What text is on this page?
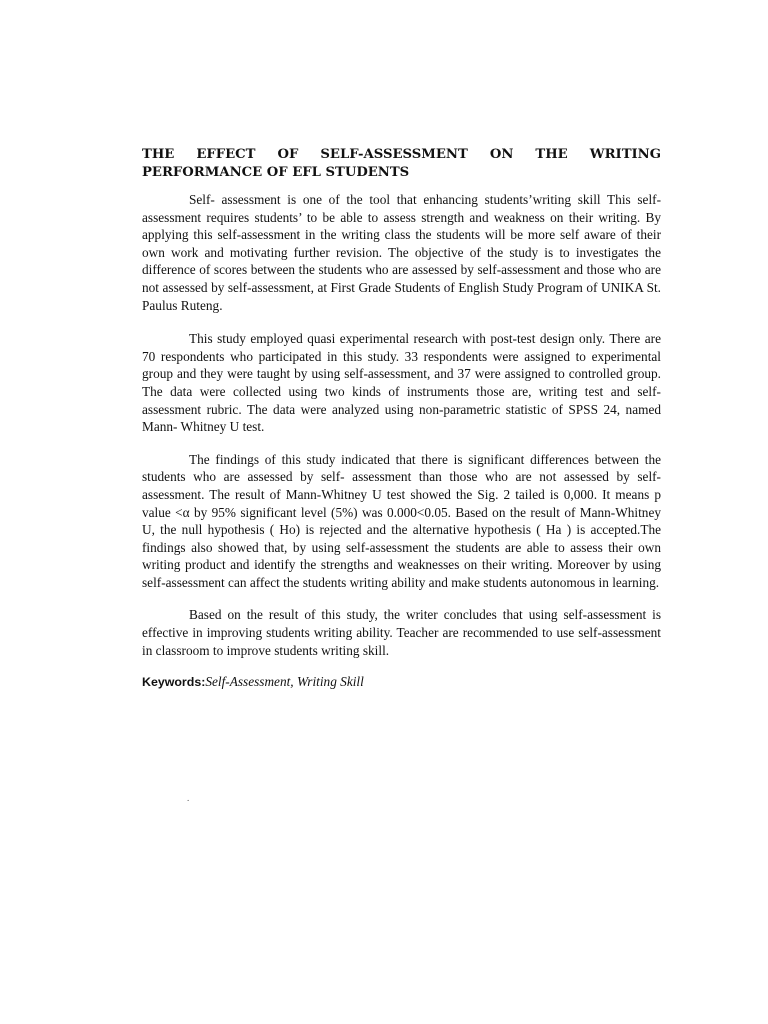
THE EFFECT OF SELF-ASSESSMENT ON THE WRITING
PERFORMANCE OF EFL STUDENTS

Self- assessment is one of the tool that enhancing students’writing skill This self-assessment requires students’ to be able to assess strength and weakness on their writing. By applying this self-assessment in the writing class the students will be more self aware of their own work and motivating further revision. The objective of the study is to investigates the difference of scores between the students who are assessed by self-assessment and those who are not assessed by self-assessment, at First Grade Students of English Study Program of UNIKA St. Paulus Ruteng.

This study employed quasi experimental research with post-test design only. There are 70 respondents who participated in this study. 33 respondents were assigned to experimental group and they were taught by using self-assessment, and 37 were assigned to controlled group. The data were collected using two kinds of instruments those are, writing test and self-assessment rubric. The data were analyzed using non-parametric statistic of SPSS 24, named Mann- Whitney U test.

The findings of this study indicated that there is significant differences between the students who are assessed by self- assessment than those who are not assessed by self-assessment. The result of Mann-Whitney U test showed the Sig. 2 tailed is 0,000. It means p value <α by 95% significant level (5%) was 0.000<0.05. Based on the result of Mann-Whitney U, the null hypothesis ( Ho) is rejected and the alternative hypothesis ( Ha ) is accepted.The findings also showed that, by using self-assessment the students are able to assess their own writing product and identify the strengths and weaknesses on their writing. Moreover by using self-assessment can affect the students writing ability and make students autonomous in learning.

Based on the result of this study, the writer concludes that using self-assessment is effective in improving students writing ability. Teacher are recommended to use self-assessment in classroom to improve students writing skill.

Keywords:Self-Assessment, Writing Skill
.
